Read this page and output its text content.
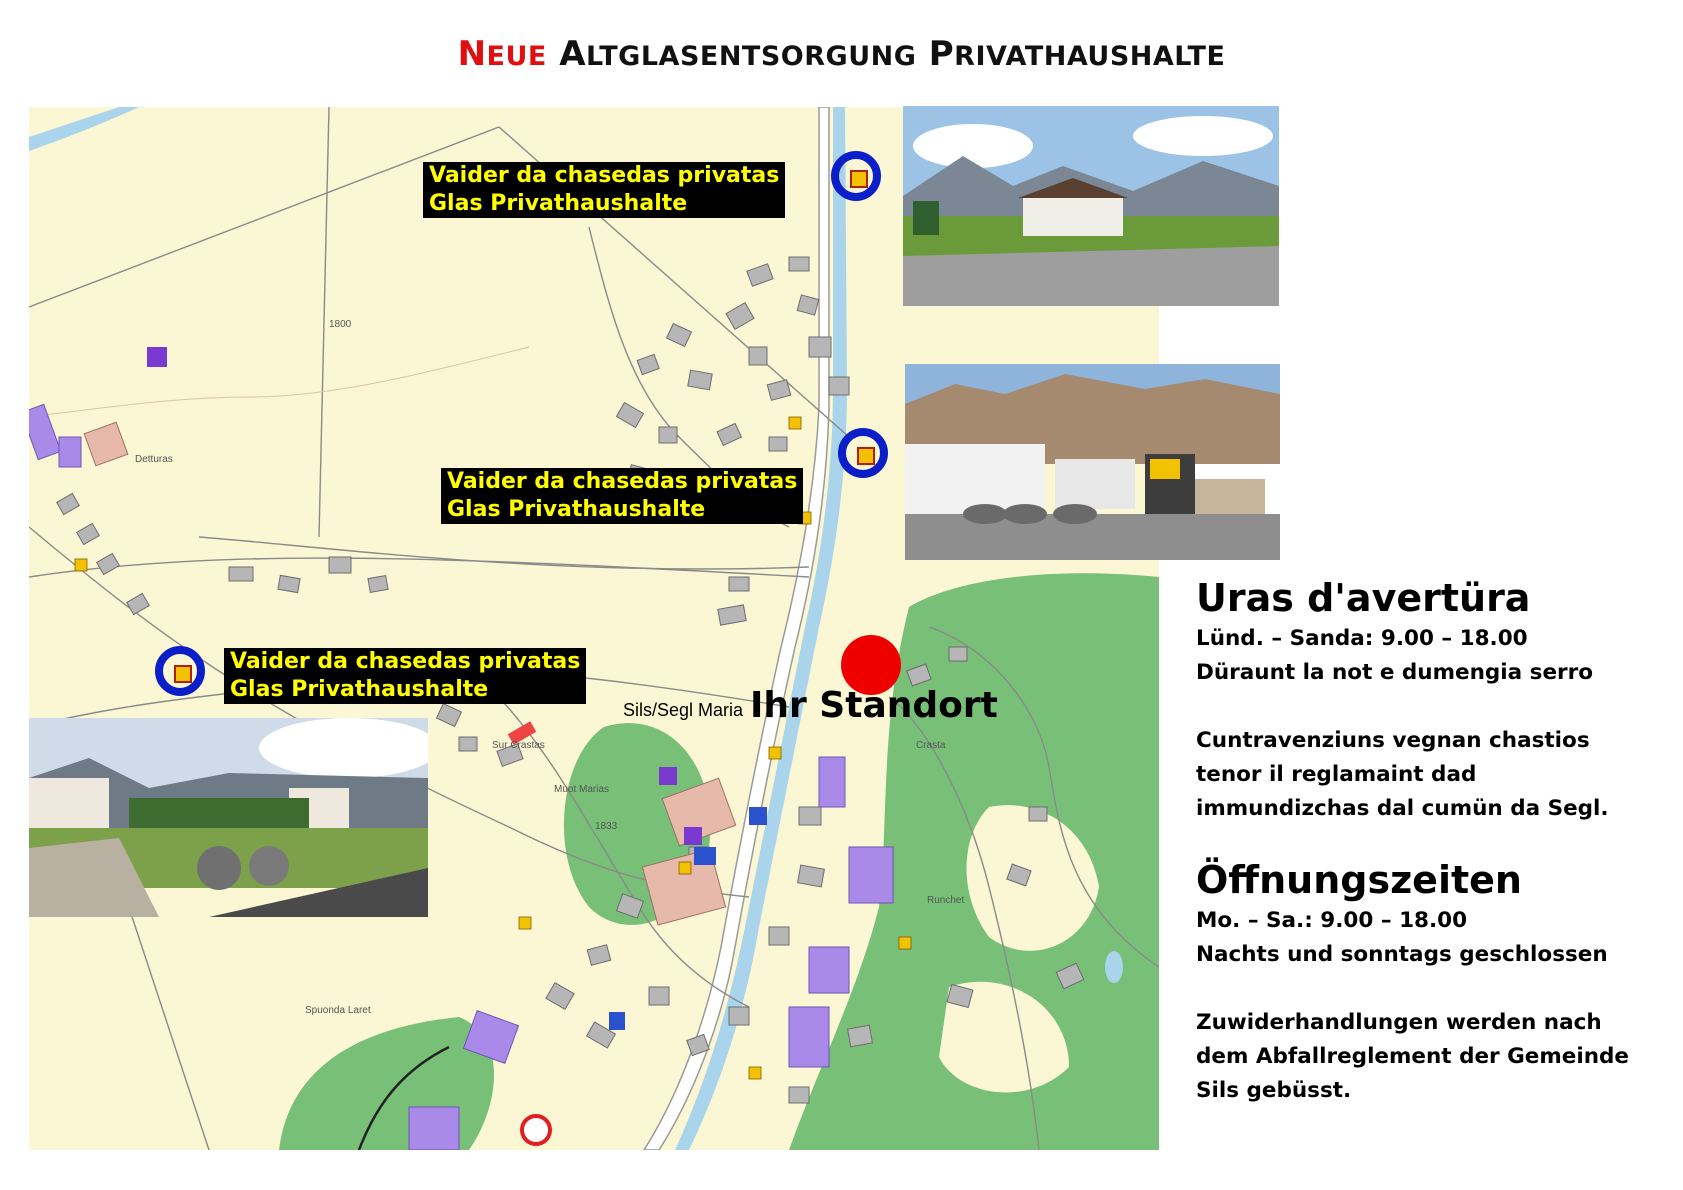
NEUE ALTGLASENTSORGUNG PRIVATHAUSHALTE
Detturas
Muot Marias
Crasta
Runchet
Spuonda Laret
Sur Crastas
1800
1833
Vaider da chasedas privatas
Glas Privathaushalte
Vaider da chasedas privatas
Glas Privathaushalte
Vaider da chasedas privatas
Glas Privathaushalte
Sils/Segl Maria Ihr Standort
Uras d'avertüra

Lünd. – Sanda: 9.00 – 18.00

Düraunt la not e dumengia serro

Cuntravenziuns vegnan chastios

tenor il reglamaint dad

immundizchas dal cumün da Segl.

Öffnungszeiten

Mo. – Sa.: 9.00 – 18.00

Nachts und sonntags geschlossen

Zuwiderhandlungen werden nach

dem Abfallreglement der Gemeinde

Sils gebüsst.
